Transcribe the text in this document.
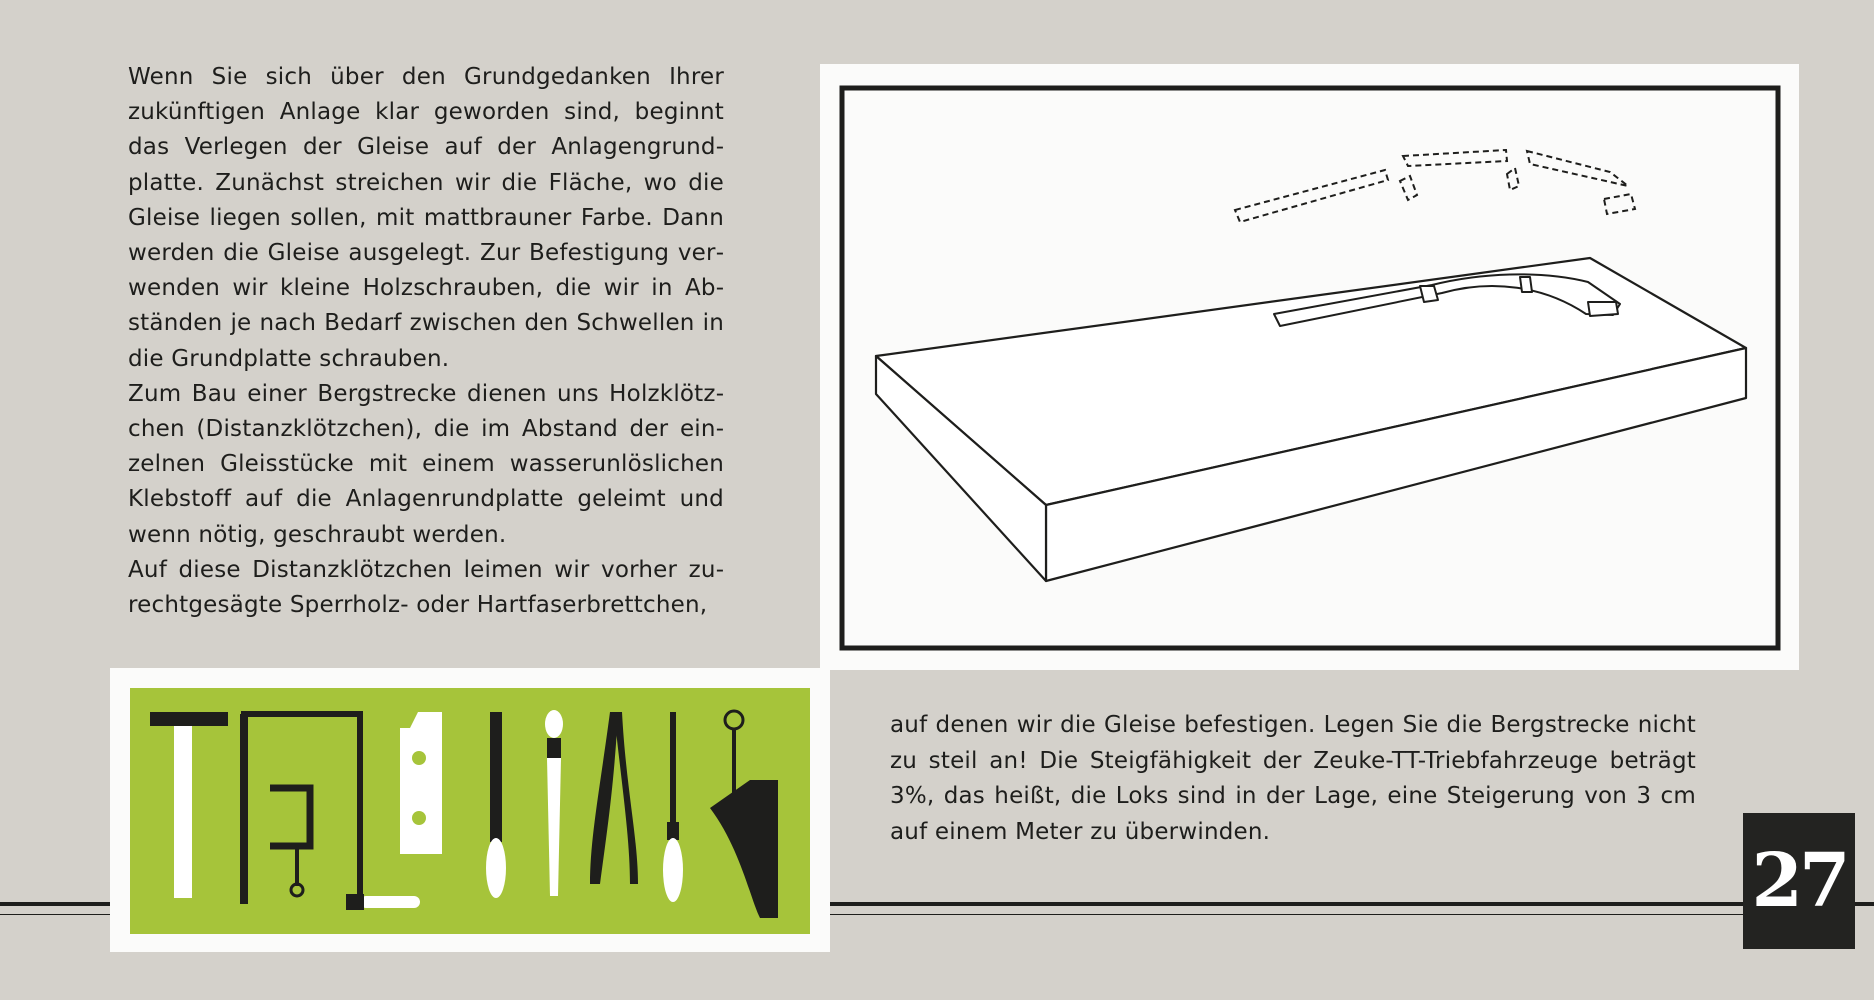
Wenn Sie sich über den Grundgedanken Ihrer zukünftigen Anlage klar geworden sind, beginnt das Verlegen der Gleise auf der Anlagengrundplatte. Zunächst streichen wir die Fläche, wo die Gleise liegen sollen, mit mattbrauner Farbe. Dann werden die Gleise ausgelegt. Zur Befestigung verwenden wir kleine Holzschrauben, die wir in Abständen je nach Bedarf zwischen den Schwellen in die Grundplatte schrauben.

Zum Bau einer Bergstrecke dienen uns Holzklötzchen (Distanzklötzchen), die im Abstand der einzelnen Gleisstücke mit einem wasserunlöslichen Klebstoff auf die Anlagenrundplatte geleimt und wenn nötig, geschraubt werden.

Auf diese Distanzklötzchen leimen wir vorher zurechtgesägte Sperrholz- oder Hartfaserbrettchen,

auf denen wir die Gleise befestigen. Legen Sie die Bergstrecke nicht zu steil an! Die Steigfähigkeit der Zeuke-TT-Triebfahrzeuge beträgt 3%, das heißt, die Loks sind in der Lage, eine Steigerung von 3 cm auf einem Meter zu überwinden.

27
